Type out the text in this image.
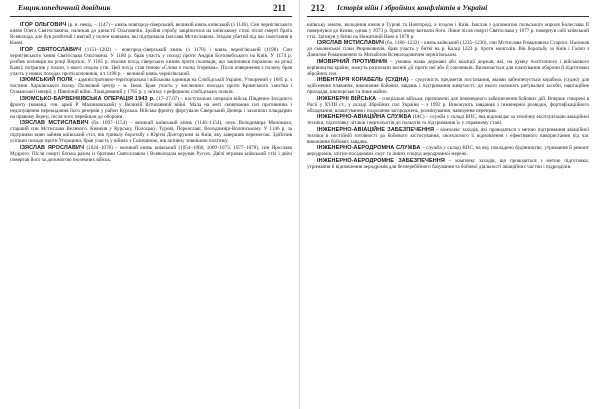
Енциклопедичний довідник	211

ІГОР ОЛЬГОВИЧ (р. н. невід. – 1147) – князь новгород-сіверський, великий князь київський (з 1146). Син чернігівського князя Олега Святославича, належав до династії Ольговичів. Зробив спробу закріпитися на київському столі після смерті брата Всеволода, але був розбитий і взятий у полон киянами, які підтримали Ізяслава Мстиславича. Згодом убитий під час повстання в Києві.

ІГОР СВЯТОСЛАВИЧ (1151–1202) – новгород-сіверський князь (з 1178) і князь чернігівський (1198). Син чернігівського князя Святослава Ольговича. У 1180 р. брав участь у поході проти Андрія Боголюбського на Київ. У 1174 р. розбив половців на річці Ворсклі. У 1185 р. очолив похід сіверських князів проти половців, що закінчився поразкою на річці Каялі; потрапив у полон, з якого згодом утік. Цей похід став темою «Слова о полку Ігоревім». Після повернення з полону брав участь у нових походах проти кочовиків, а з 1198 р. – великий князь чернігівський.

ІЗЮМСЬКИЙ ПОЛК – адміністративно-територіальна і військова одиниця на Слобідській Україні. Утворений у 1685 р. з частини Харківського полку. Полковий центр – м. Ізюм. Брав участь у численних походах проти Кримського ханства і Османської імперії, у Північній війні. Ліквідований у 1765 р. у зв'язку з реформою слобідських полків.

ІЗЮМСЬКО-БАРВЕНКІВСЬКА ОПЕРАЦІЯ 1943 р. (17–27.07) – наступальна операція військ Південно-Західного фронту (команд. ген. армії Р. Малиновський) у Великій Вітчизняній війні. Мала на меті сковування сил противника і недопущення перекидання його резервів у район Курська. Війська фронту форсували Сіверський Донець і захопили плацдарми на правому березі, після чого перейшли до оборони.

ІЗЯСЛАВ МСТИСЛАВИЧ (бл. 1097–1154) – великий київський князь (1146–1154), онук Володимира Мономаха, старший син Мстислава Великого. Княжив у Курську, Полоцьку, Турові, Переяславі, Володимирі-Волинському. У 1146 р. за підтримки киян зайняв київський стіл, вів тривалу боротьбу з Юрієм Долгоруким за Київ, яку завершив перемогою. Здійснив успішні походи проти Угорщини, брав участь у війнах з Галичиною, вів активну зовнішню політику.

ІЗЯСЛАВ ЯРОСЛАВИЧ (1024–1078) – великий князь київський (1054–1068, 1069–1073, 1077–1078), син Ярослава Мудрого. Після смерті батька разом із братами Святославом і Всеволодом керував Руссю. Двічі втрачав київський стіл і двічі повертав його за допомогою іноземних військ.

212 Історія війн і збройних конфліктів в Україні

київську землю, володіння князя в Турові та Новгороді, а згодом і Київ. Ізяслав з допомогою польського короля Болеслава II повернувся до Києва, однак у 1073 р. брати знову вигнали його. Лише після смерті Святослава у 1077 р. повернув собі київський стіл. Загинув у битві на Нежатиній Ниві в 1078 р.

ІЗЯСЛАВ МСТИСЛАВИЧ (бл. 1186–1233) – князь київський (1235–1236), син Мстислава Романовича Старого. Належав до смоленської гілки Рюриковичів, брав участь у битві на р. Калці 1223 р. проти монголів. Вів боротьбу за Київ і Галич з Данилом Романовичем та Михайлом Всеволодовичем чернігівським.

ІМОВІРНИЙ ПРОТИВНИК – умовна назва держави або коаліції держав, які, на думку політичного і військового керівництва країни, можуть розпочати воєнні дії проти неї або її союзників. Визначається для планування оборони й підготовки збройних сил.

ІНВЕНТАРЯ КОРАБЕЛЬ (СУДНА) – сукупність предметів постачання, якими забезпечується корабель (судно) для здійснення плавання, виконання бойових завдань і підтримання живучості; до нього належать рятувальні засоби, навігаційне приладдя, шкіперське та інше майно.

ІНЖЕНЕРНІ ВІЙСЬКА – спеціальні війська, призначені для інженерного забезпечення бойових дій. Вперше створені в Росії у XVIII ст.; у складі Збройних сил України – з 1992 р. Виконують завдання з інженерної розвідки, фортифікаційного обладнання, влаштування і подолання загороджень, розмінування, наведення переправ.

ІНЖЕНЕРНО-АВІАЦІЙНА СЛУЖБА (ІАС) – служба у складі ВПС, яка відповідає за технічну експлуатацію авіаційної техніки, підготовку літаків і вертольотів до польотів та підтримання їх у справному стані.

ІНЖЕНЕРНО-АВІАЦІЙНЕ ЗАБЕЗПЕЧЕННЯ – комплекс заходів, які проводяться з метою підтримання авіаційної техніки в постійній готовності до бойового застосування, своєчасного її відновлення і ефективного використання під час виконання бойових завдань.

ІНЖЕНЕРНО-АЕРОДРОМНА СЛУЖБА – служба у складі ВПС, на яку покладено будівництво, утримання й ремонт аеродромів, злітно-посадкових смуг та інших споруд аеродромної мережі.

ІНЖЕНЕРНО-АЕРОДРОМНЕ ЗАБЕЗПЕЧЕННЯ – комплекс заходів, що проводяться з метою підготовки, утримання й відновлення аеродромів для безперебійного базування та бойової діяльності авіаційних частин і підрозділів.
